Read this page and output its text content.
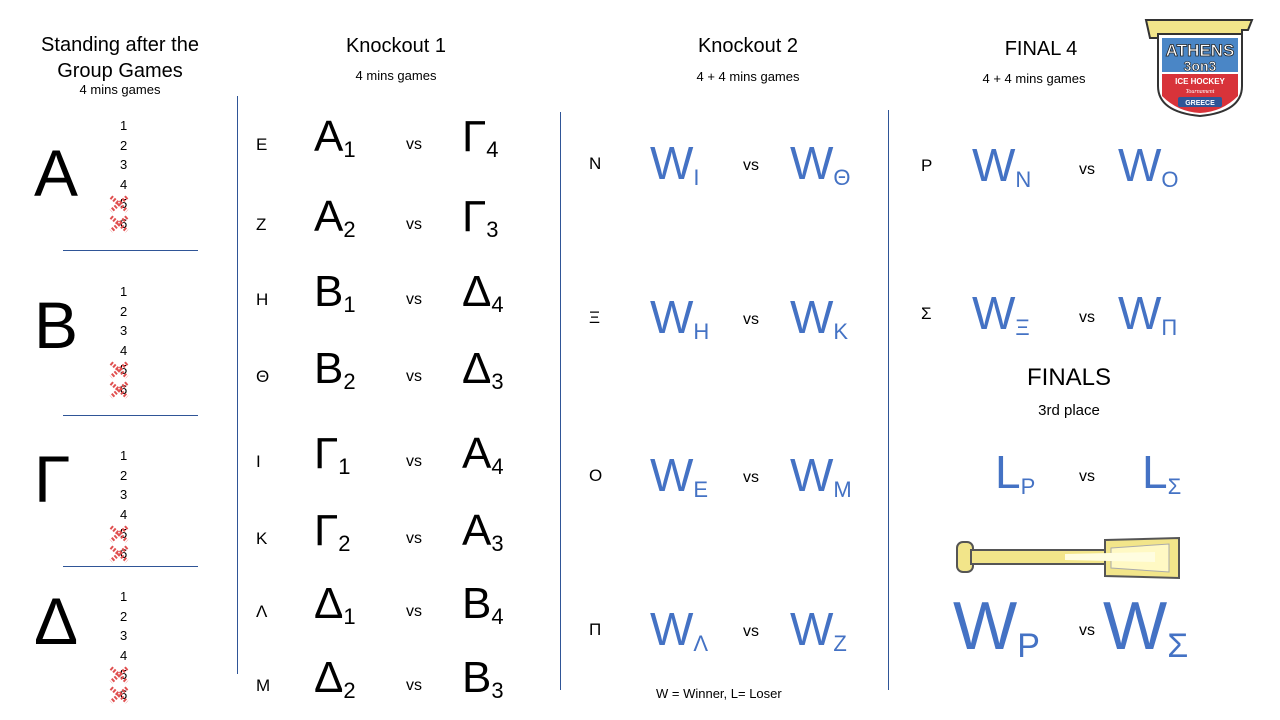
Standing after the
Group Games
4 mins games
Knockout 1
4 mins games
Knockout 2
4 + 4 mins games
FINAL 4
4 + 4 mins games
ATHENS
3on3
ICE HOCKEY
Tournament
GREECE
Α
1
2
3
4
5
6
Β	1
2
3
4
5
6
Γ	1
2
3
4
5
6
Δ	1
2
3
4
5
6
Ε $A_1$	vs $\Gamma_4$
Ζ $A_2$	vs $\Gamma_3$
Η $B_1$	vs $\Delta_4$
Θ $B_2$	vs $\Delta_3$
Ι $\Gamma_1$	vs $A_4$
Κ $\Gamma_2$	vs $A_3$
Λ $\Delta_1$	vs $B_4$
Μ $\Delta_2$	vs $B_3$
Ν $W_I$	vs $W_\Theta$
Ξ $W_H$ vs $W_K$
Ο $W_E$ vs $W_M$
Π $W_\Lambda$ vs $W_Z$
Ρ $W_N$	vs $W_O$
Σ $W_\Xi$	vs $W_\Pi$
FINALS
3rd place
$L_P$	vs $L_\Sigma$
$W_P$ vs $W_\Sigma$
W = Winner, L= Loser
